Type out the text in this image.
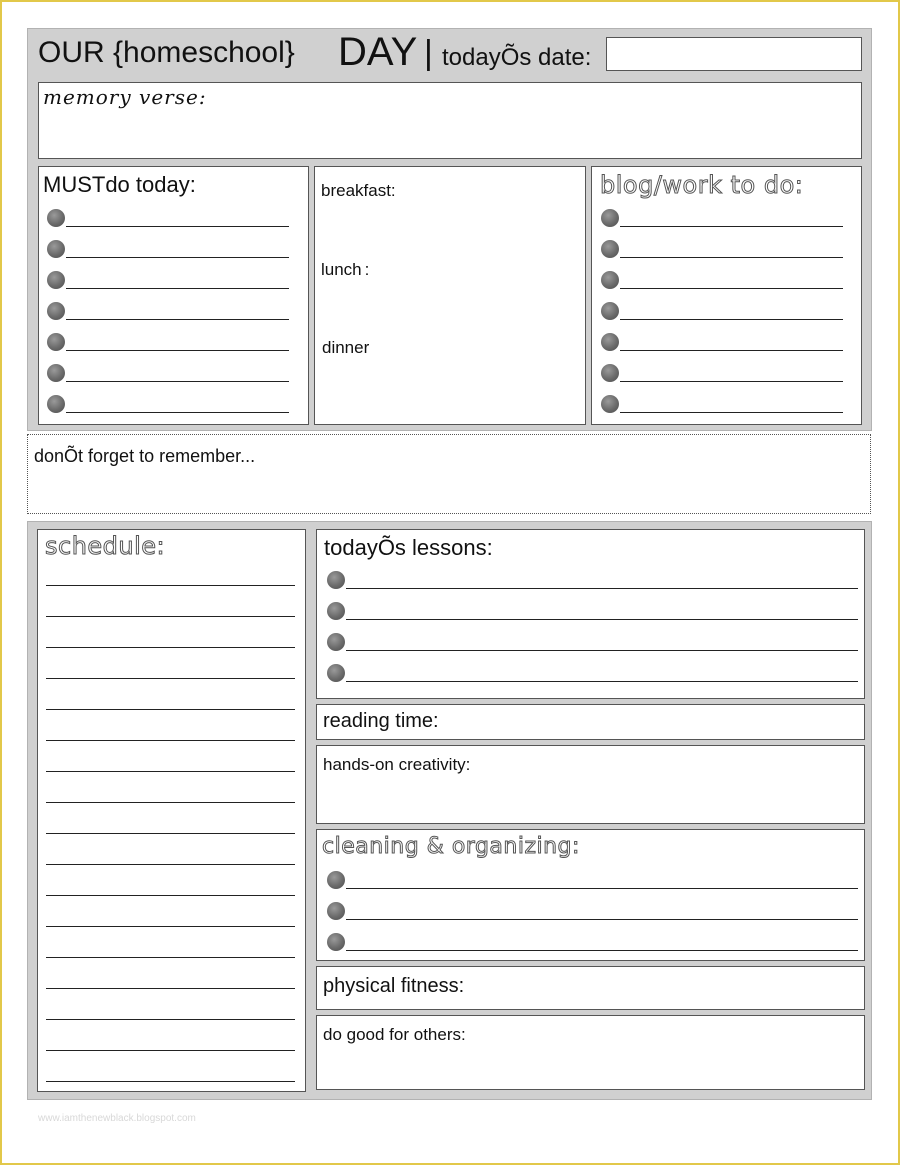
OUR {homeschool} DAY | todayÕs date:
memory verse:
MUSTdo today:	breakfast:
lunch :
dinner
blog/work to do:
donÕt forget to remember...
schedule:	todayÕs lessons:
reading time:
hands-on creativity:
cleaning & organizing:
physical fitness:
do good for others:
www.iamthenewblack.blogspot.com
